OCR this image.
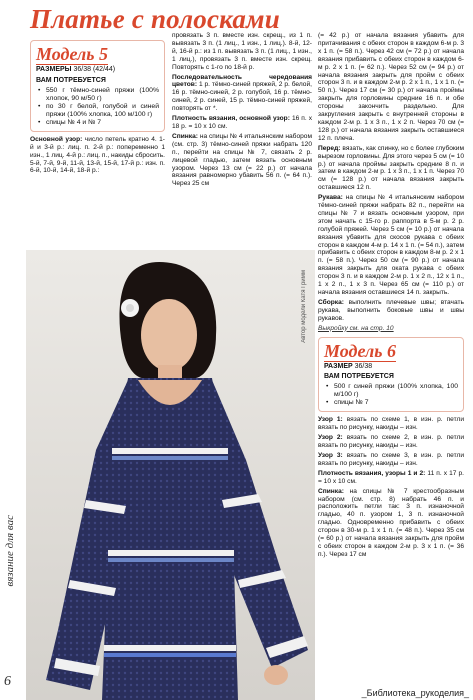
Платье с полосками
Модель 5
РАЗМЕРЫ 36/38 (42/44)
ВАМ ПОТРЕБУЕТСЯ
• 550 г тёмно-синей пряжи (100% хлопок, 90 м/50 г)
• по 30 г белой, голубой и синей пряжи (100% хлопка, 100 м/100 г)
• спицы № 4 и № 7

Основной узор: число петель кратно 4. 1-й и 3-й р.: лиц. п. 2-й р.: попеременно 1 изн., 1 лиц. 4-й р.: лиц. п., накиды сбросить. 5-й, 7-й, 9-й, 11-й, 13-й, 15-й, 17-й р.: изн. п. 6-й, 10-й, 14-й, 18-й р.:

провязать 3 п. вместе изн. скрещ., из 1 п. вывязать 3 п. (1 лиц., 1 изн., 1 лиц.). 8-й, 12-й, 16-й р.: из 1 п. вывязать 3 п. (1 лиц., 1 изн., 1 лиц.), провязать 3 п. вместе изн. скрещ. Повторять с 1-го по 18-й р.

Последовательность чередования цветов: 1 р. тёмно-синей пряжей, 2 р. белой, 16 р. тёмно-синей, 2 р. голубой, 16 р. тёмно-синей, 2 р. синей, 15 р. тёмно-синей пряжей, повторять от *.

Плотность вязания, основной узор: 16 п. x 18 р. = 10 x 10 см.

Спинка: на спицы № 4 итальянским набором (см. стр. 3) тёмно-синей пряжи набрать 120 п., перейти на спицы № 7, связать 2 р. лицевой гладью, затем вязать основным узором. Через 13 см (= 22 р.) от начала вязания равномерно убавить 56 п. (= 64 п.). Через 25 см

(= 42 р.) от начала вязания убавить для притачивания с обеих сторон в каждом 6-м р. 3 x 1 п. (= 58 п.). Через 42 см (= 72 р.) от начала вязания прибавить с обеих сторон в каждом 6-м р. 2 x 1 п. (= 62 п.). Через 52 см (= 94 р.) от начала вязания закрыть для пройм с обеих сторон 3 п. и в каждом 2-м р. 2 x 1 п., 1 x 1 п. (= 50 п.). Через 17 см (= 30 р.) от начала проймы закрыть для горловины средние 16 п. и обе стороны закончить раздельно. Для закругления закрыть с внутренней стороны в каждом 2-м р. 1 x 3 п., 1 x 2 п. Через 70 см (= 128 р.) от начала вязания закрыть оставшиеся 12 п. плеча.

Перед: вязать, как спинку, но с более глубоким вырезом горловины. Для этого через 5 см (= 10 р.) от начала проймы закрыть средние 8 п. и затем в каждом 2-м р. 1 x 3 п., 1 x 1 п. Через 70 см (= 128 р.) от начала вязания закрыть оставшиеся 12 п.

Рукава: на спицы № 4 итальянским набором тёмно-синей пряжи набрать 82 п., перейти на спицы № 7 и вязать основным узором, при этом начать с 15-го р. раппорта в 5-м р. 2 р. голубой пряжей. Через 5 см (= 10 р.) от начала вязания убавить для скосов рукава с обеих сторон в каждом 4-м р. 14 x 1 п. (= 54 п.), затем прибавить с обеих сторон в каждом 8-м р. 2 x 1 п. (= 58 п.). Через 50 см (= 90 р.) от начала вязания закрыть для оката рукава с обеих сторон 3 п. и в каждом 2-м р. 1 x 2 п., 12 x 1 п., 1 x 2 п., 1 x 3 п. Через 65 см (= 110 р.) от начала вязания оставшиеся 14 п. закрыть.

Сборка: выполнить плечевые швы; втачать рукава, выполнить боковые швы и швы рукавов.

Выкройку см. на стр. 10

Модель 6
РАЗМЕР 36/38
ВАМ ПОТРЕБУЕТСЯ
• 500 г синей пряжи (100% хлопка, 100 м/100 г)
• спицы № 7

Узор 1: вязать по схеме 1, в изн. р. петли вязать по рисунку, накиды – изн.

Узор 2: вязать по схеме 2, в изн. р. петли вязать по рисунку, накиды – изн.

Узор 3: вязать по схеме 3, в изн. р. петли вязать по рисунку, накиды – изн.

Плотность вязания, узоры 1 и 2: 11 п. x 17 р. = 10 x 10 см.

Спинка: на спицы № 7 крестообразным набором (см. стр. 8) набрать 46 п. и расположить петли так: 3 п. изнаночной гладью, 40 п. узором 1, 3 п. изнаночной гладью. Одновременно прибавить с обеих сторон в 30-м р. 1 x 1 п. (= 48 п.). Через 35 см (= 60 р.) от начала вязания закрыть для пройм с обеих сторон в каждом 2-м р. 3 x 1 п. (= 36 п.). Через 17 см

Автор модели Катя Гримм
вязание для вас
6
_Библиотека_рукоделия_
